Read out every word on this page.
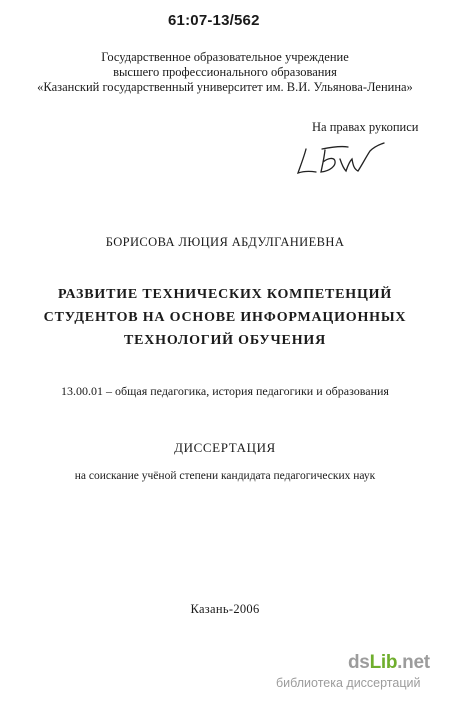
61:07-13/562
Государственное образовательное учреждение
высшего профессионального образования
«Казанский государственный университет им. В.И. Ульянова-Ленина»
На правах рукописи
БОРИСОВА ЛЮЦИЯ АБДУЛГАНИЕВНА
РАЗВИТИЕ ТЕХНИЧЕСКИХ КОМПЕТЕНЦИЙ
СТУДЕНТОВ НА ОСНОВЕ ИНФОРМАЦИОННЫХ
ТЕХНОЛОГИЙ ОБУЧЕНИЯ
13.00.01 – общая педагогика, история педагогики и образования
ДИССЕРТАЦИЯ
на соискание учёной степени кандидата педагогических наук
Казань-2006
dsLib.net
библиотека диссертаций
